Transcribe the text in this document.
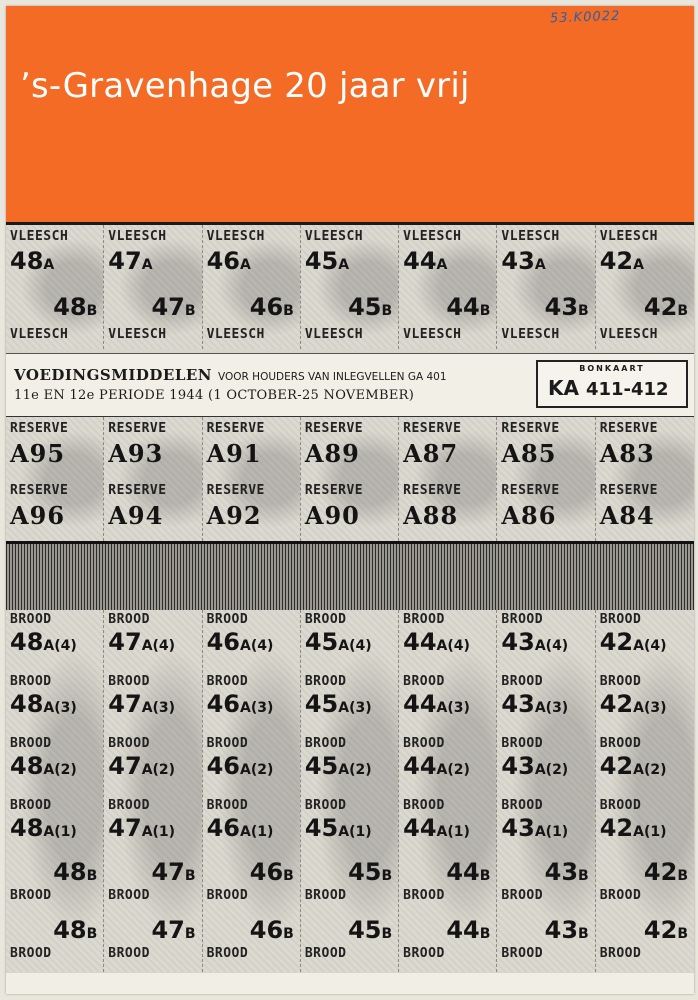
’s-Gravenhage 20 jaar vrij
53.K0022
VLEESCH
48A
48B
VLEESCH
VLEESCH
47A
47B
VLEESCH
VLEESCH
46A
46B
VLEESCH
VLEESCH
45A
45B
VLEESCH
VLEESCH
44A
44B
VLEESCH
VLEESCH
43A
43B
VLEESCH
VLEESCH
42A
42B
VLEESCH
VOEDINGSMIDDELEN VOOR HOUDERS VAN INLEGVELLEN GA 401
11e EN 12e PERIODE 1944 (1 OCTOBER-25 NOVEMBER)
BONKAART
KA 411-412
RESERVE
A95
RESERVE
A96
RESERVE
A93
RESERVE
A94
RESERVE
A91
RESERVE
A92
RESERVE
A89
RESERVE
A90
RESERVE
A87
RESERVE
A88
RESERVE
A85
RESERVE
A86
RESERVE
A83
RESERVE
A84
BROOD
48A(4)
BROOD
48A(3)
BROOD
48A(2)
BROOD
48A(1)
48B
BROOD
48B
BROOD
BROOD
47A(4)
BROOD
47A(3)
BROOD
47A(2)
BROOD
47A(1)
47B
BROOD
47B
BROOD
BROOD
46A(4)
BROOD
46A(3)
BROOD
46A(2)
BROOD
46A(1)
46B
BROOD
46B
BROOD
BROOD
45A(4)
BROOD
45A(3)
BROOD
45A(2)
BROOD
45A(1)
45B
BROOD
45B
BROOD
BROOD
44A(4)
BROOD
44A(3)
BROOD
44A(2)
BROOD
44A(1)
44B
BROOD
44B
BROOD
BROOD
43A(4)
BROOD
43A(3)
BROOD
43A(2)
BROOD
43A(1)
43B
BROOD
43B
BROOD
BROOD
42A(4)
BROOD
42A(3)
BROOD
42A(2)
BROOD
42A(1)
42B
BROOD
42B
BROOD
